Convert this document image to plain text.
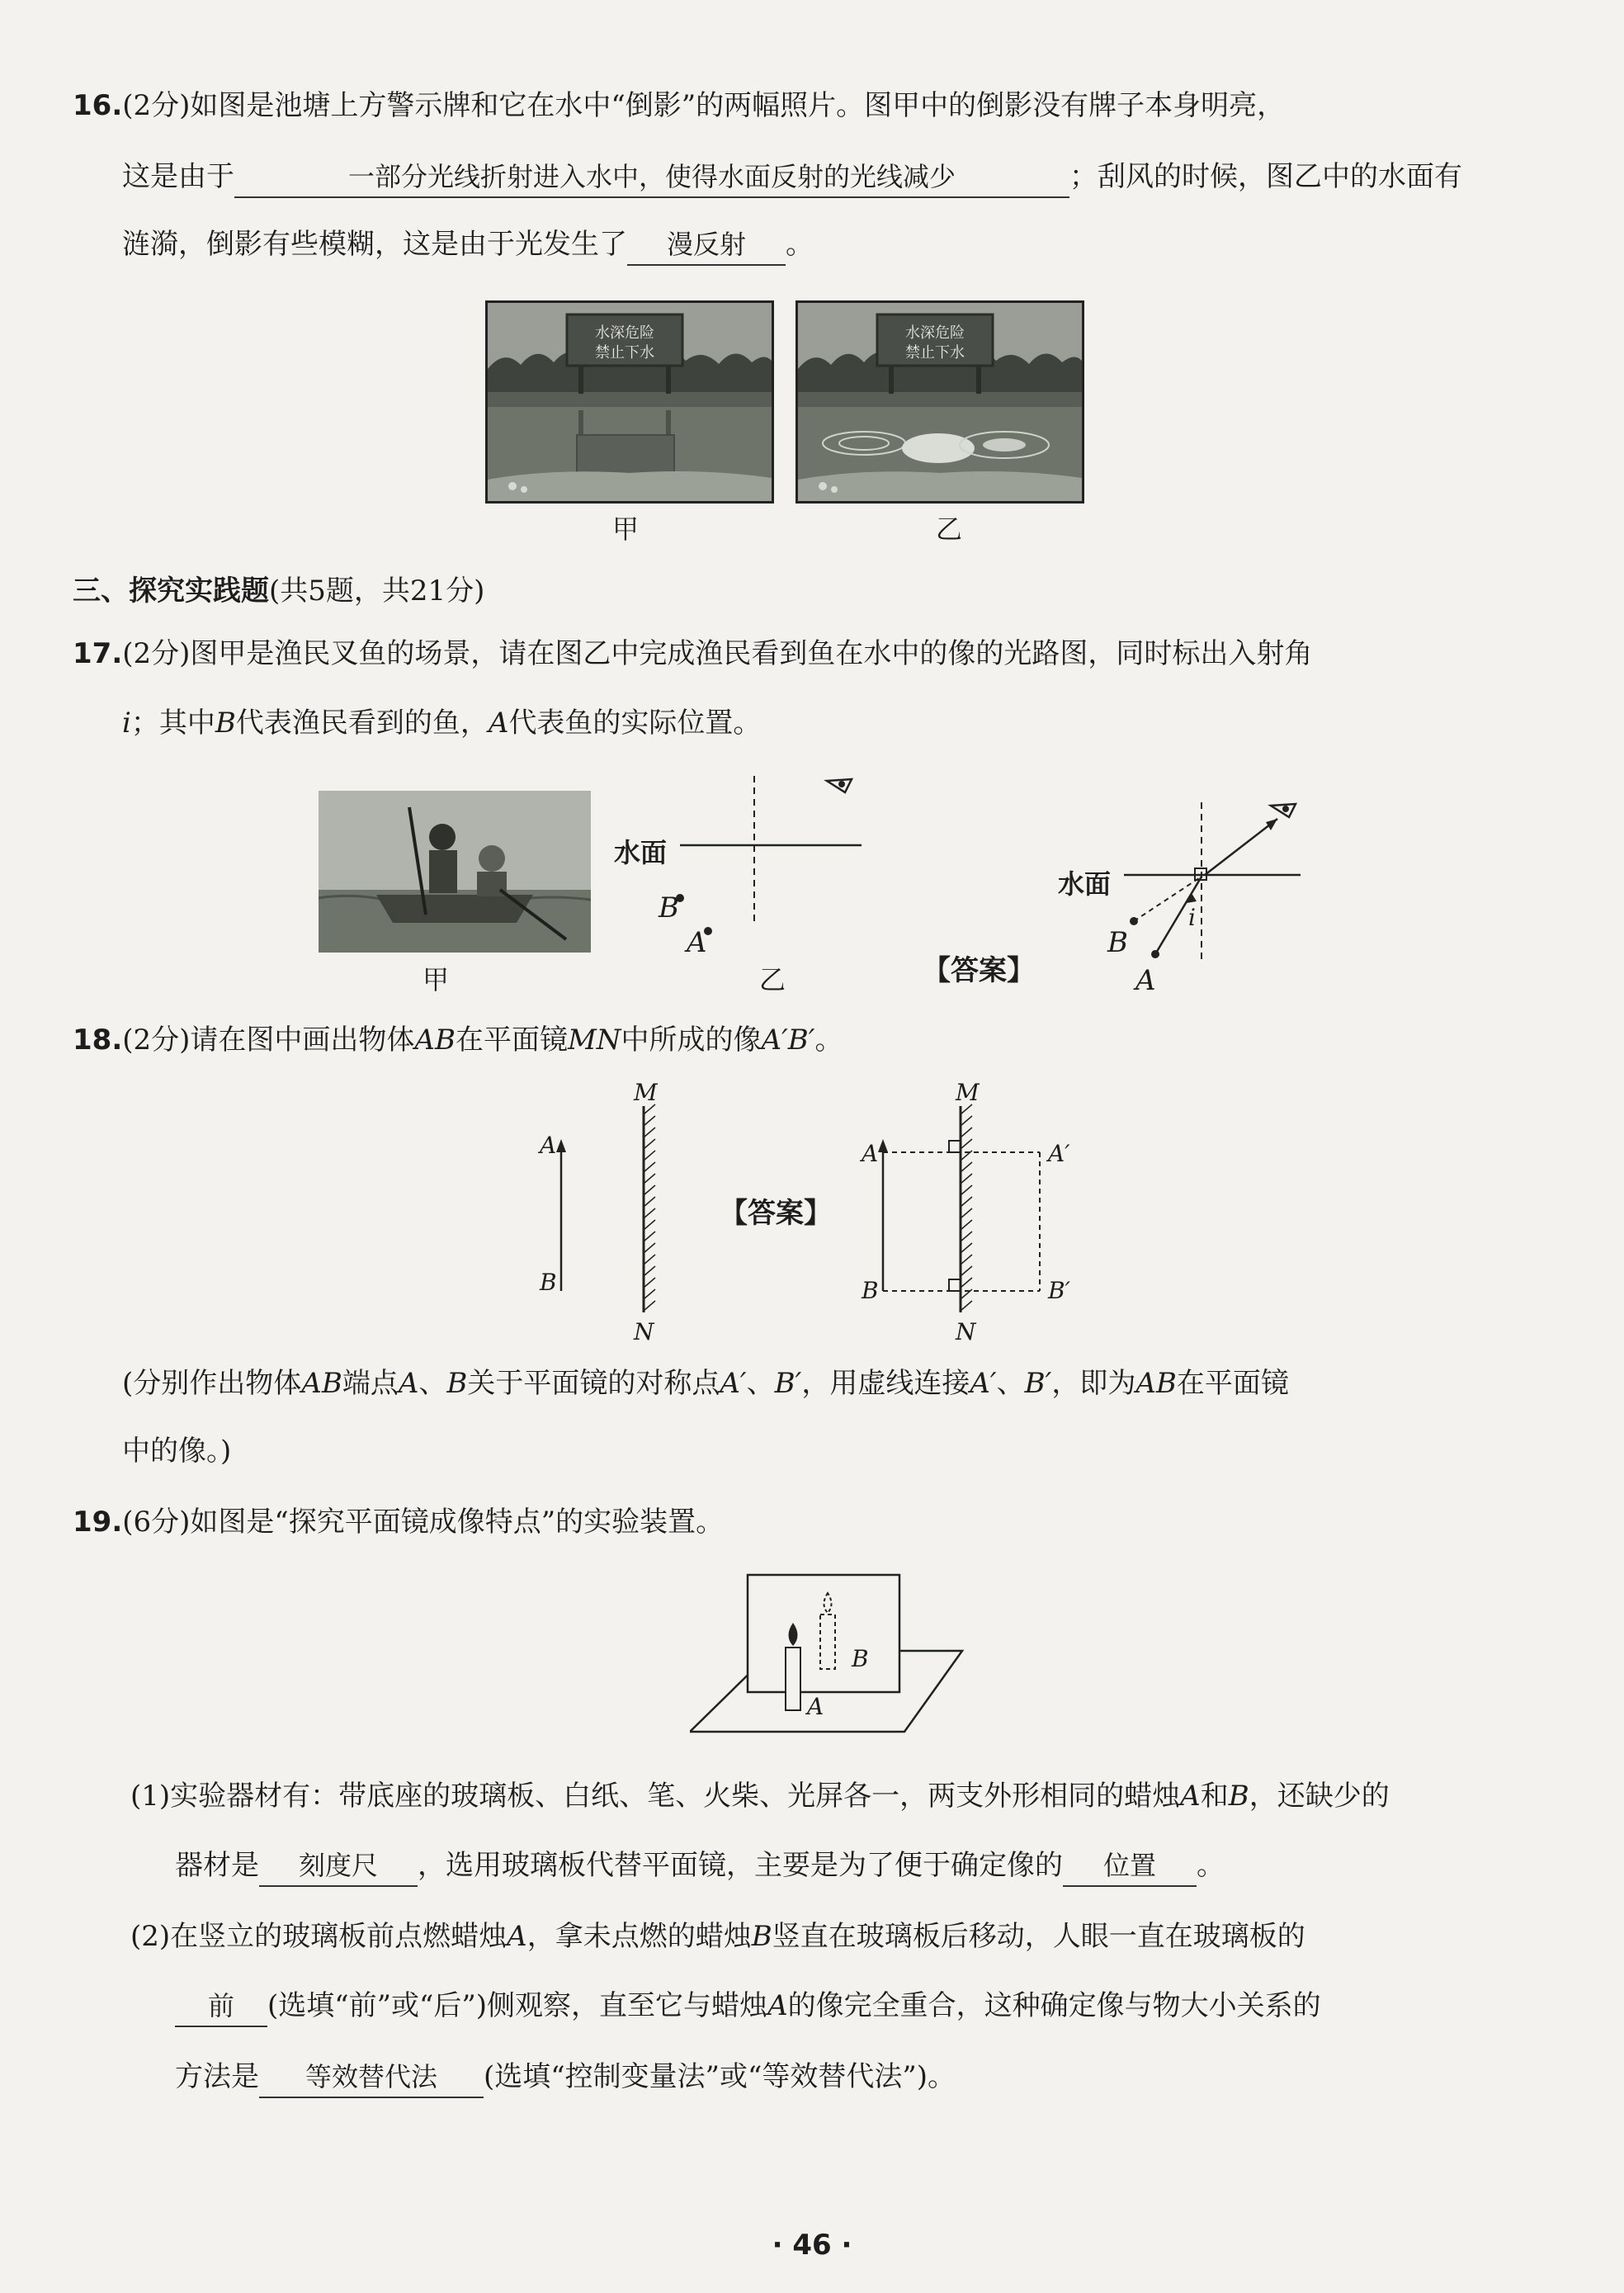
16.(2分)如图是池塘上方警示牌和它在水中“倒影”的两幅照片。图甲中的倒影没有牌子本身明亮，
这是由于	一部分光线折射进入水中，使得水面反射的光线减少	；刮风的时候，图乙中的水面有
涟漪，倒影有些模糊，这是由于光发生了 漫反射 。
水深危险
禁止下水
甲
水深危险
禁止下水
乙
三、探究实践题(共5题，共21分)
17.(2分)图甲是渔民叉鱼的场景，请在图乙中完成渔民看到鱼在水中的像的光路图，同时标出入射角
i；其中B代表渔民看到的鱼，A代表鱼的实际位置。
甲
水面
B
A
乙	【答案】
水面
B
A
i
18.(2分)请在图中画出物体AB在平面镜MN中所成的像A′B′。
M
N
A
B
【答案】
M
N
A
B
A′
B′
(分别作出物体AB端点A、B关于平面镜的对称点A′、B′，用虚线连接A′、B′，即为AB在平面镜
中的像。)
19.(6分)如图是“探究平面镜成像特点”的实验装置。
B
A
(1)实验器材有：带底座的玻璃板、白纸、笔、火柴、光屏各一，两支外形相同的蜡烛A和B，还缺少的
器材是 刻度尺 ，选用玻璃板代替平面镜，主要是为了便于确定像的 位置 。
(2)在竖立的玻璃板前点燃蜡烛A，拿未点燃的蜡烛B竖直在玻璃板后移动，人眼一直在玻璃板的
前 (选填“前”或“后”)侧观察，直至它与蜡烛A的像完全重合，这种确定像与物大小关系的
方法是 等效替代法 (选填“控制变量法”或“等效替代法”)。
· 46 ·
